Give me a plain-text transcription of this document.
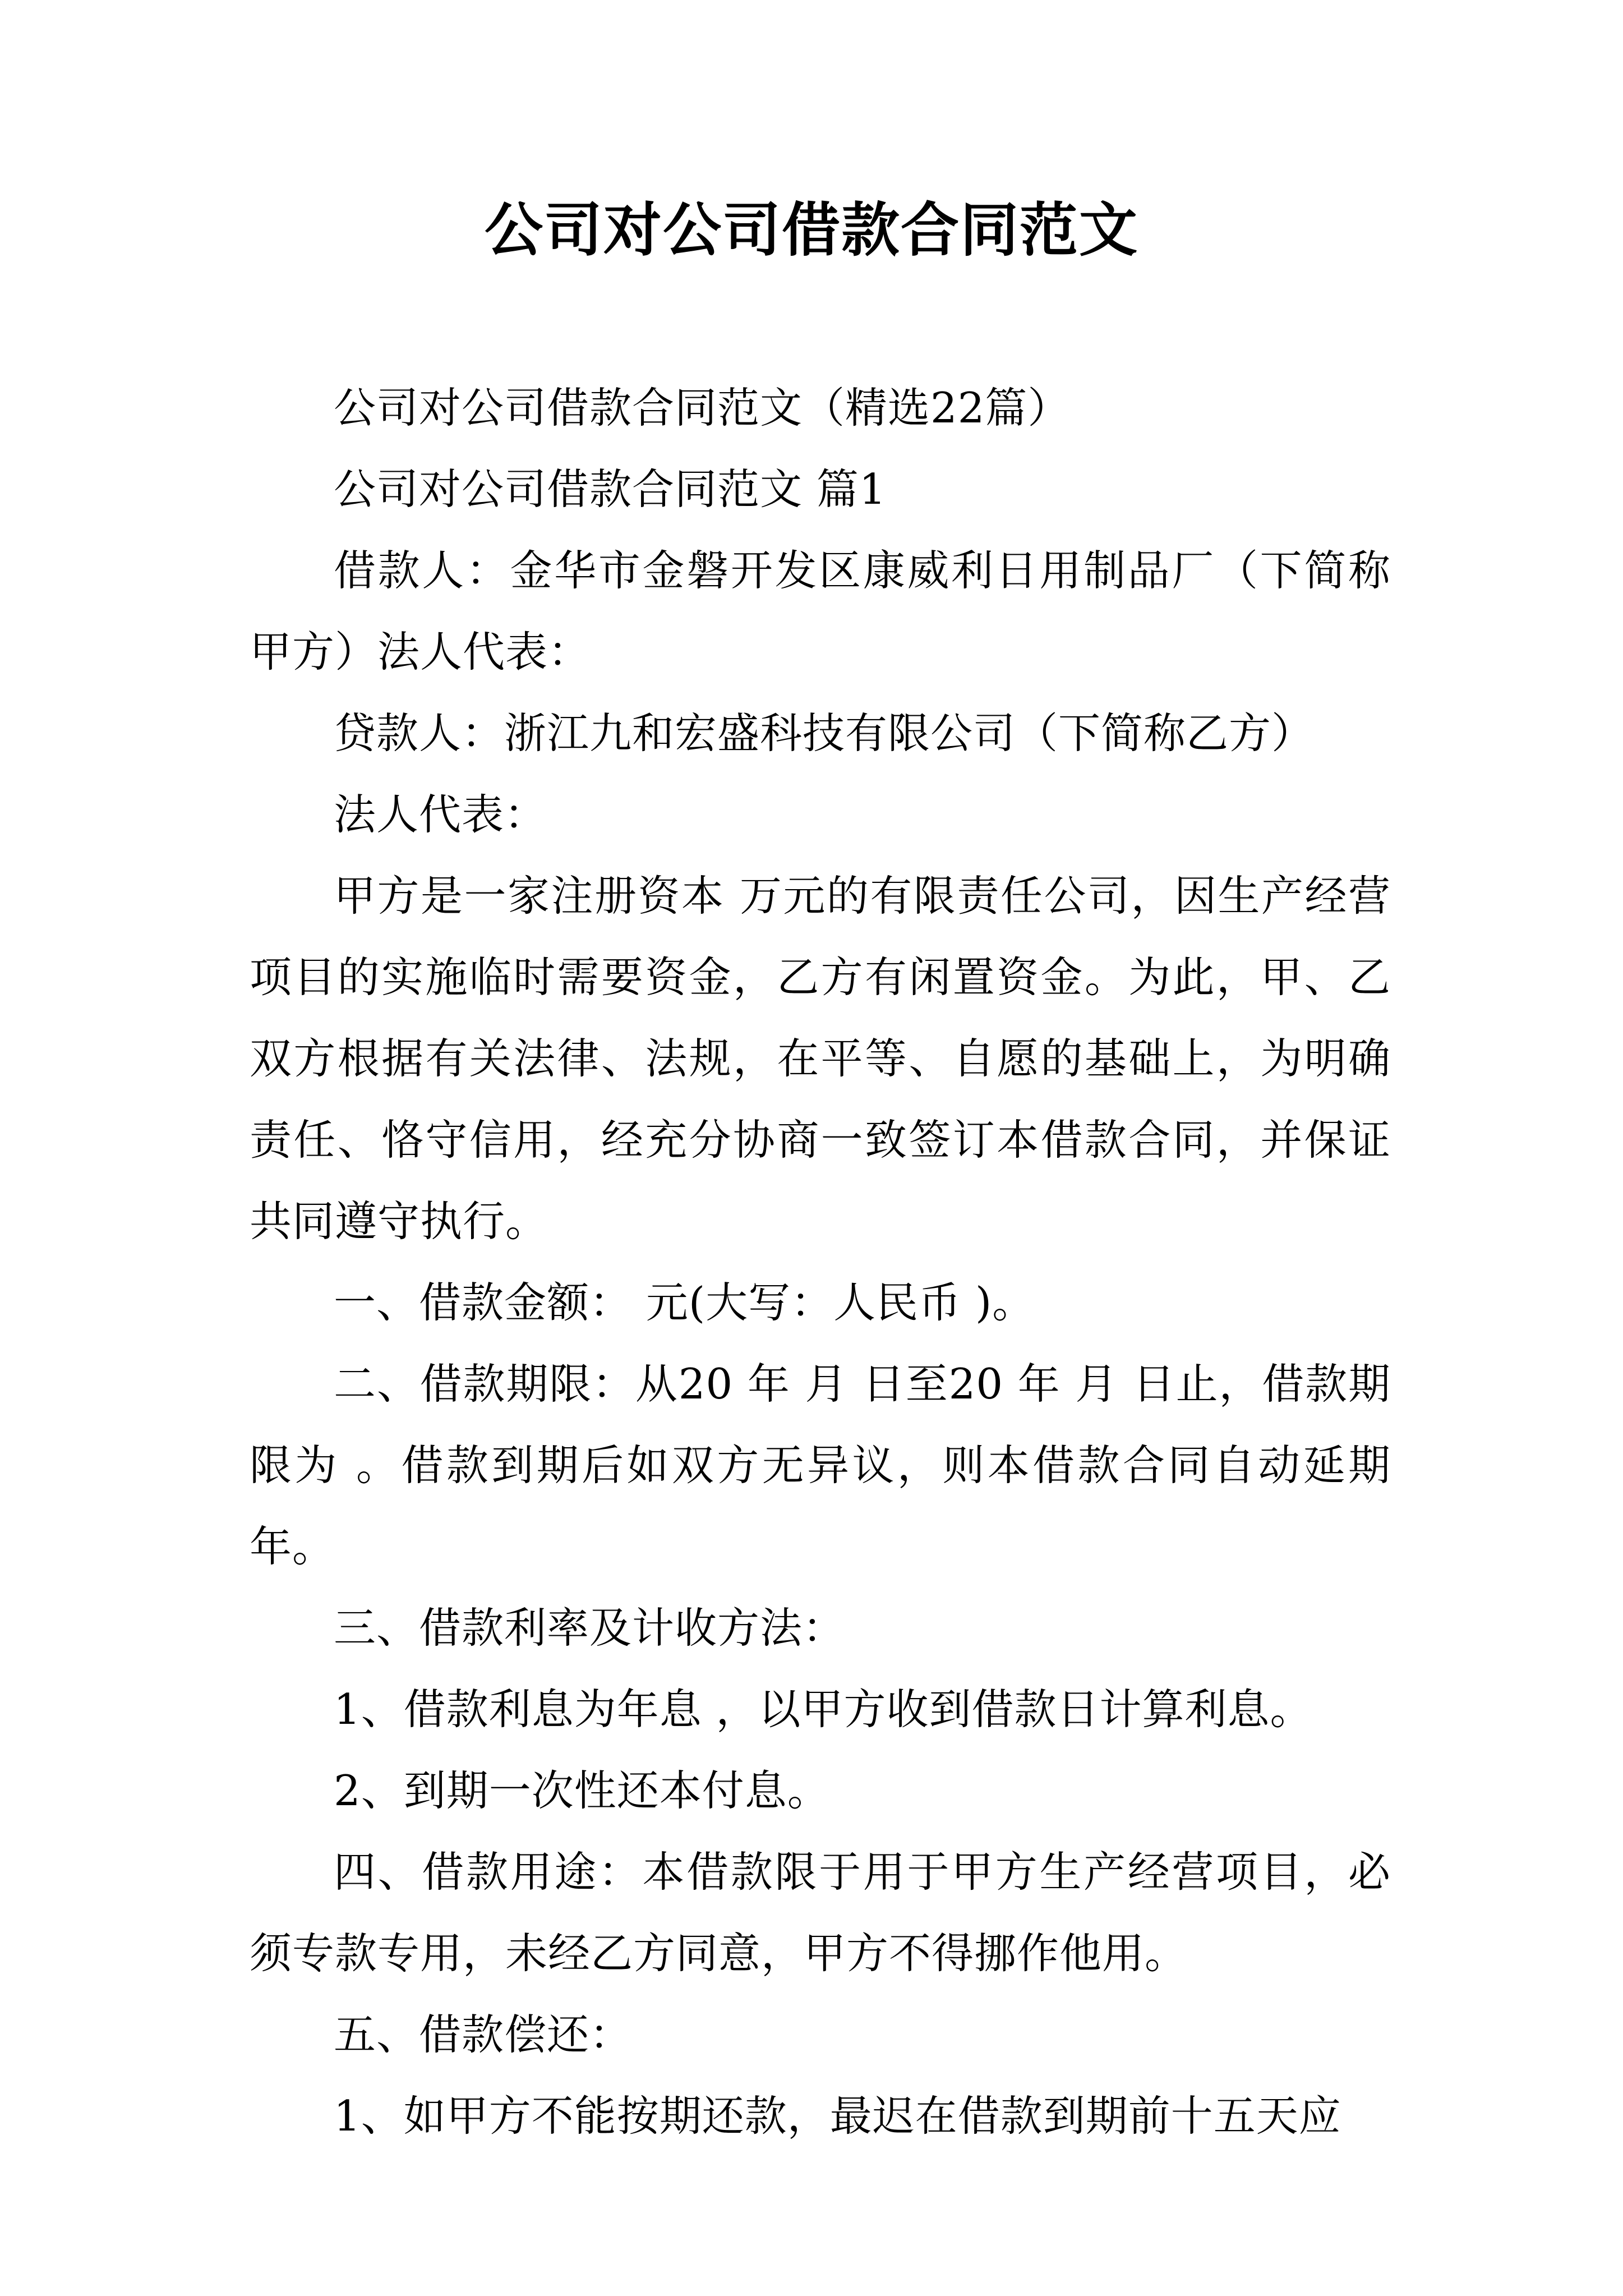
公司对公司借款合同范文

公司对公司借款合同范文（精选22篇）

公司对公司借款合同范文 篇1

借款人：金华市金磐开发区康威利日用制品厂（下简称甲方）法人代表：

贷款人：浙江九和宏盛科技有限公司（下简称乙方）

法人代表：

甲方是一家注册资本 万元的有限责任公司，因生产经营项目的实施临时需要资金，乙方有闲置资金。为此，甲、乙双方根据有关法律、法规，在平等、自愿的基础上，为明确责任、恪守信用，经充分协商一致签订本借款合同，并保证共同遵守执行。

一、借款金额： 元(大写：人民币 )。

二、借款期限：从20 年 月 日至20 年 月 日止，借款期限为 。借款到期后如双方无异议，则本借款合同自动延期 年。

三、借款利率及计收方法：

1、借款利息为年息 ，以甲方收到借款日计算利息。

2、到期一次性还本付息。

四、借款用途：本借款限于用于甲方生产经营项目，必须专款专用，未经乙方同意，甲方不得挪作他用。

五、借款偿还：

1、如甲方不能按期还款，最迟在借款到期前十五天应
